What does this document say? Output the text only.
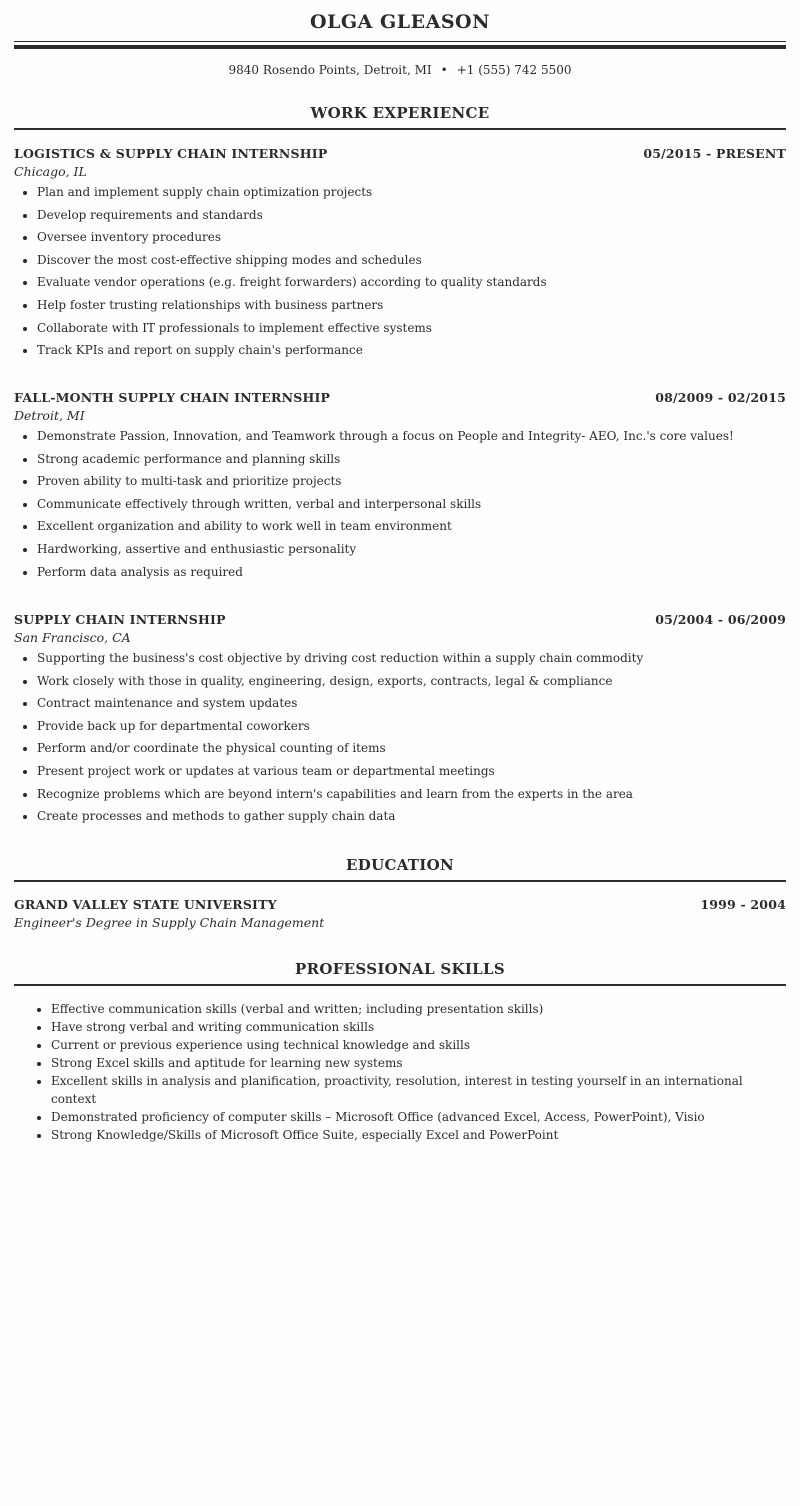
OLGA GLEASON
9840 Rosendo Points, Detroit, MI • +1 (555) 742 5500
WORK EXPERIENCE
LOGISTICS & SUPPLY CHAIN INTERNSHIP	05/2015 - PRESENT
Chicago, IL
• Plan and implement supply chain optimization projects
• Develop requirements and standards
• Oversee inventory procedures
• Discover the most cost-effective shipping modes and schedules
• Evaluate vendor operations (e.g. freight forwarders) according to quality standards
• Help foster trusting relationships with business partners
• Collaborate with IT professionals to implement effective systems
• Track KPIs and report on supply chain's performance
FALL-MONTH SUPPLY CHAIN INTERNSHIP	08/2009 - 02/2015
Detroit, MI
• Demonstrate Passion, Innovation, and Teamwork through a focus on People and Integrity- AEO, Inc.'s core values!
• Strong academic performance and planning skills
• Proven ability to multi-task and prioritize projects
• Communicate effectively through written, verbal and interpersonal skills
• Excellent organization and ability to work well in team environment
• Hardworking, assertive and enthusiastic personality
• Perform data analysis as required
SUPPLY CHAIN INTERNSHIP	05/2004 - 06/2009
San Francisco, CA
• Supporting the business's cost objective by driving cost reduction within a supply chain commodity
• Work closely with those in quality, engineering, design, exports, contracts, legal & compliance
• Contract maintenance and system updates
• Provide back up for departmental coworkers
• Perform and/or coordinate the physical counting of items
• Present project work or updates at various team or departmental meetings
• Recognize problems which are beyond intern's capabilities and learn from the experts in the area
• Create processes and methods to gather supply chain data
EDUCATION
GRAND VALLEY STATE UNIVERSITY	1999 - 2004
Engineer's Degree in Supply Chain Management
PROFESSIONAL SKILLS
• Effective communication skills (verbal and written; including presentation skills)
• Have strong verbal and writing communication skills
• Current or previous experience using technical knowledge and skills
• Strong Excel skills and aptitude for learning new systems
• Excellent skills in analysis and planification, proactivity, resolution, interest in testing yourself in an international context
• Demonstrated proficiency of computer skills – Microsoft Office (advanced Excel, Access, PowerPoint), Visio
• Strong Knowledge/Skills of Microsoft Office Suite, especially Excel and PowerPoint
